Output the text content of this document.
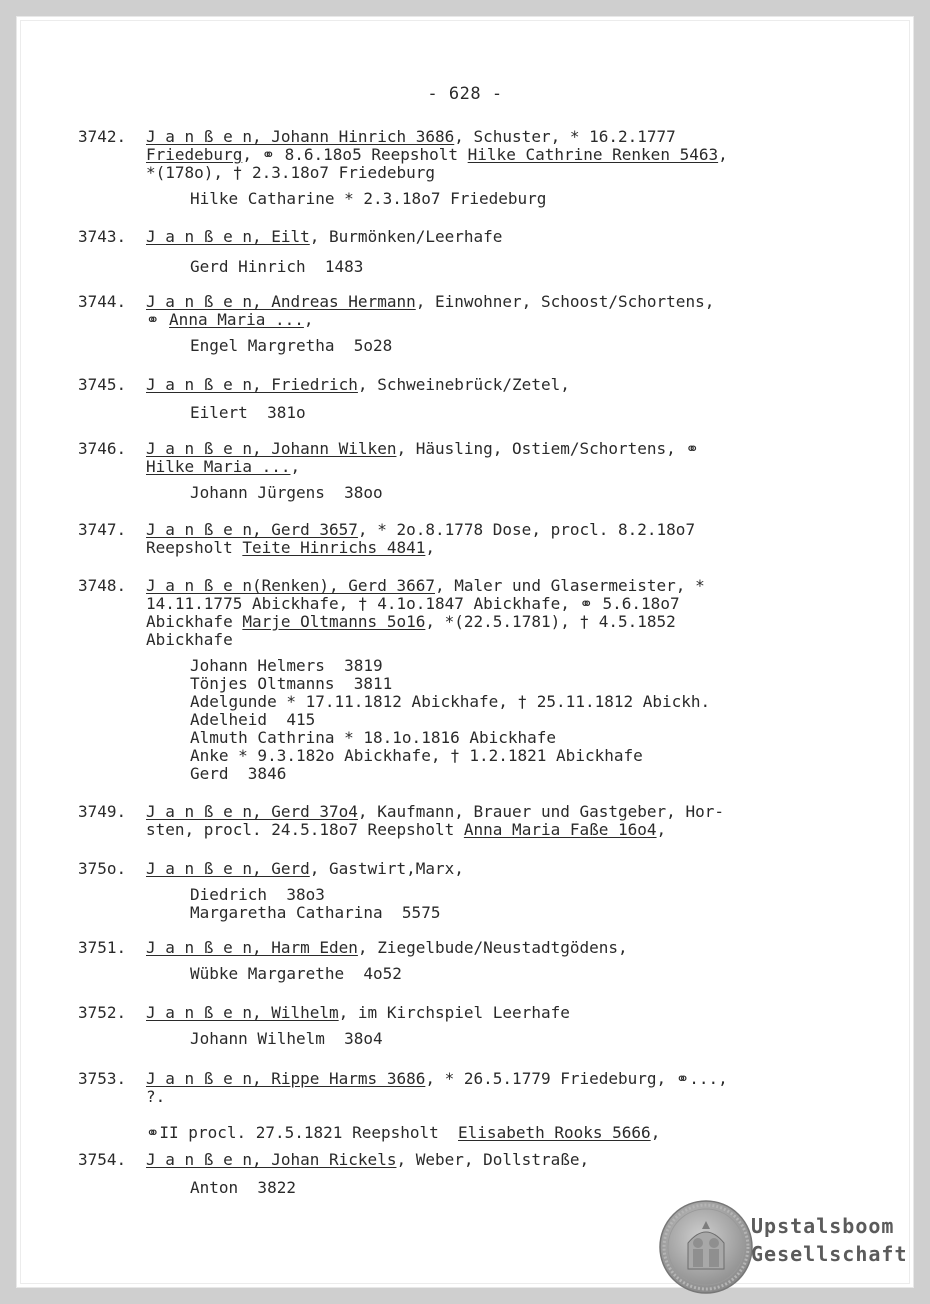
- 628 -
3742. J a n ß e n, Johann Hinrich 3686, Schuster, * 16.2.1777
Friedeburg, ⚭ 8.6.18o5 Reepsholt Hilke Cathrine Renken 5463,
*(178o), † 2.3.18o7 Friedeburg
Hilke Catharine * 2.3.18o7 Friedeburg
3743. J a n ß e n, Eilt, Burmönken/Leerhafe
Gerd Hinrich  1483
3744. J a n ß e n, Andreas Hermann, Einwohner, Schoost/Schortens,
⚭ Anna Maria ...,
Engel Margretha  5o28
3745. J a n ß e n, Friedrich, Schweinebrück/Zetel,
Eilert  381o
3746. J a n ß e n, Johann Wilken, Häusling, Ostiem/Schortens, ⚭
Hilke Maria ...,
Johann Jürgens  38oo
3747. J a n ß e n, Gerd 3657, * 2o.8.1778 Dose, procl. 8.2.18o7
Reepsholt Teite Hinrichs 4841,
3748. J a n ß e n(Renken), Gerd 3667, Maler und Glasermeister, *
14.11.1775 Abickhafe, † 4.1o.1847 Abickhafe, ⚭ 5.6.18o7
Abickhafe Marje Oltmanns 5o16, *(22.5.1781), † 4.5.1852
Abickhafe
Johann Helmers  3819
Tönjes Oltmanns  3811
Adelgunde * 17.11.1812 Abickhafe, † 25.11.1812 Abickh.
Adelheid  415
Almuth Cathrina * 18.1o.1816 Abickhafe
Anke * 9.3.182o Abickhafe, † 1.2.1821 Abickhafe
Gerd  3846
3749. J a n ß e n, Gerd 37o4, Kaufmann, Brauer und Gastgeber, Hor-
sten, procl. 24.5.18o7 Reepsholt Anna Maria Faße 16o4,
375o. J a n ß e n, Gerd, Gastwirt,Marx,
Diedrich  38o3
Margaretha Catharina  5575
3751. J a n ß e n, Harm Eden, Ziegelbude/Neustadtgödens,
Wübke Margarethe  4o52
3752. J a n ß e n, Wilhelm, im Kirchspiel Leerhafe
Johann Wilhelm  38o4
3753. J a n ß e n, Rippe Harms 3686, * 26.5.1779 Friedeburg, ⚭...,
?.
⚭II procl. 27.5.1821 Reepsholt  Elisabeth Rooks 5666,
3754. J a n ß e n, Johan Rickels, Weber, Dollstraße,
Anton  3822
Upstalsboom
Gesellschaft
